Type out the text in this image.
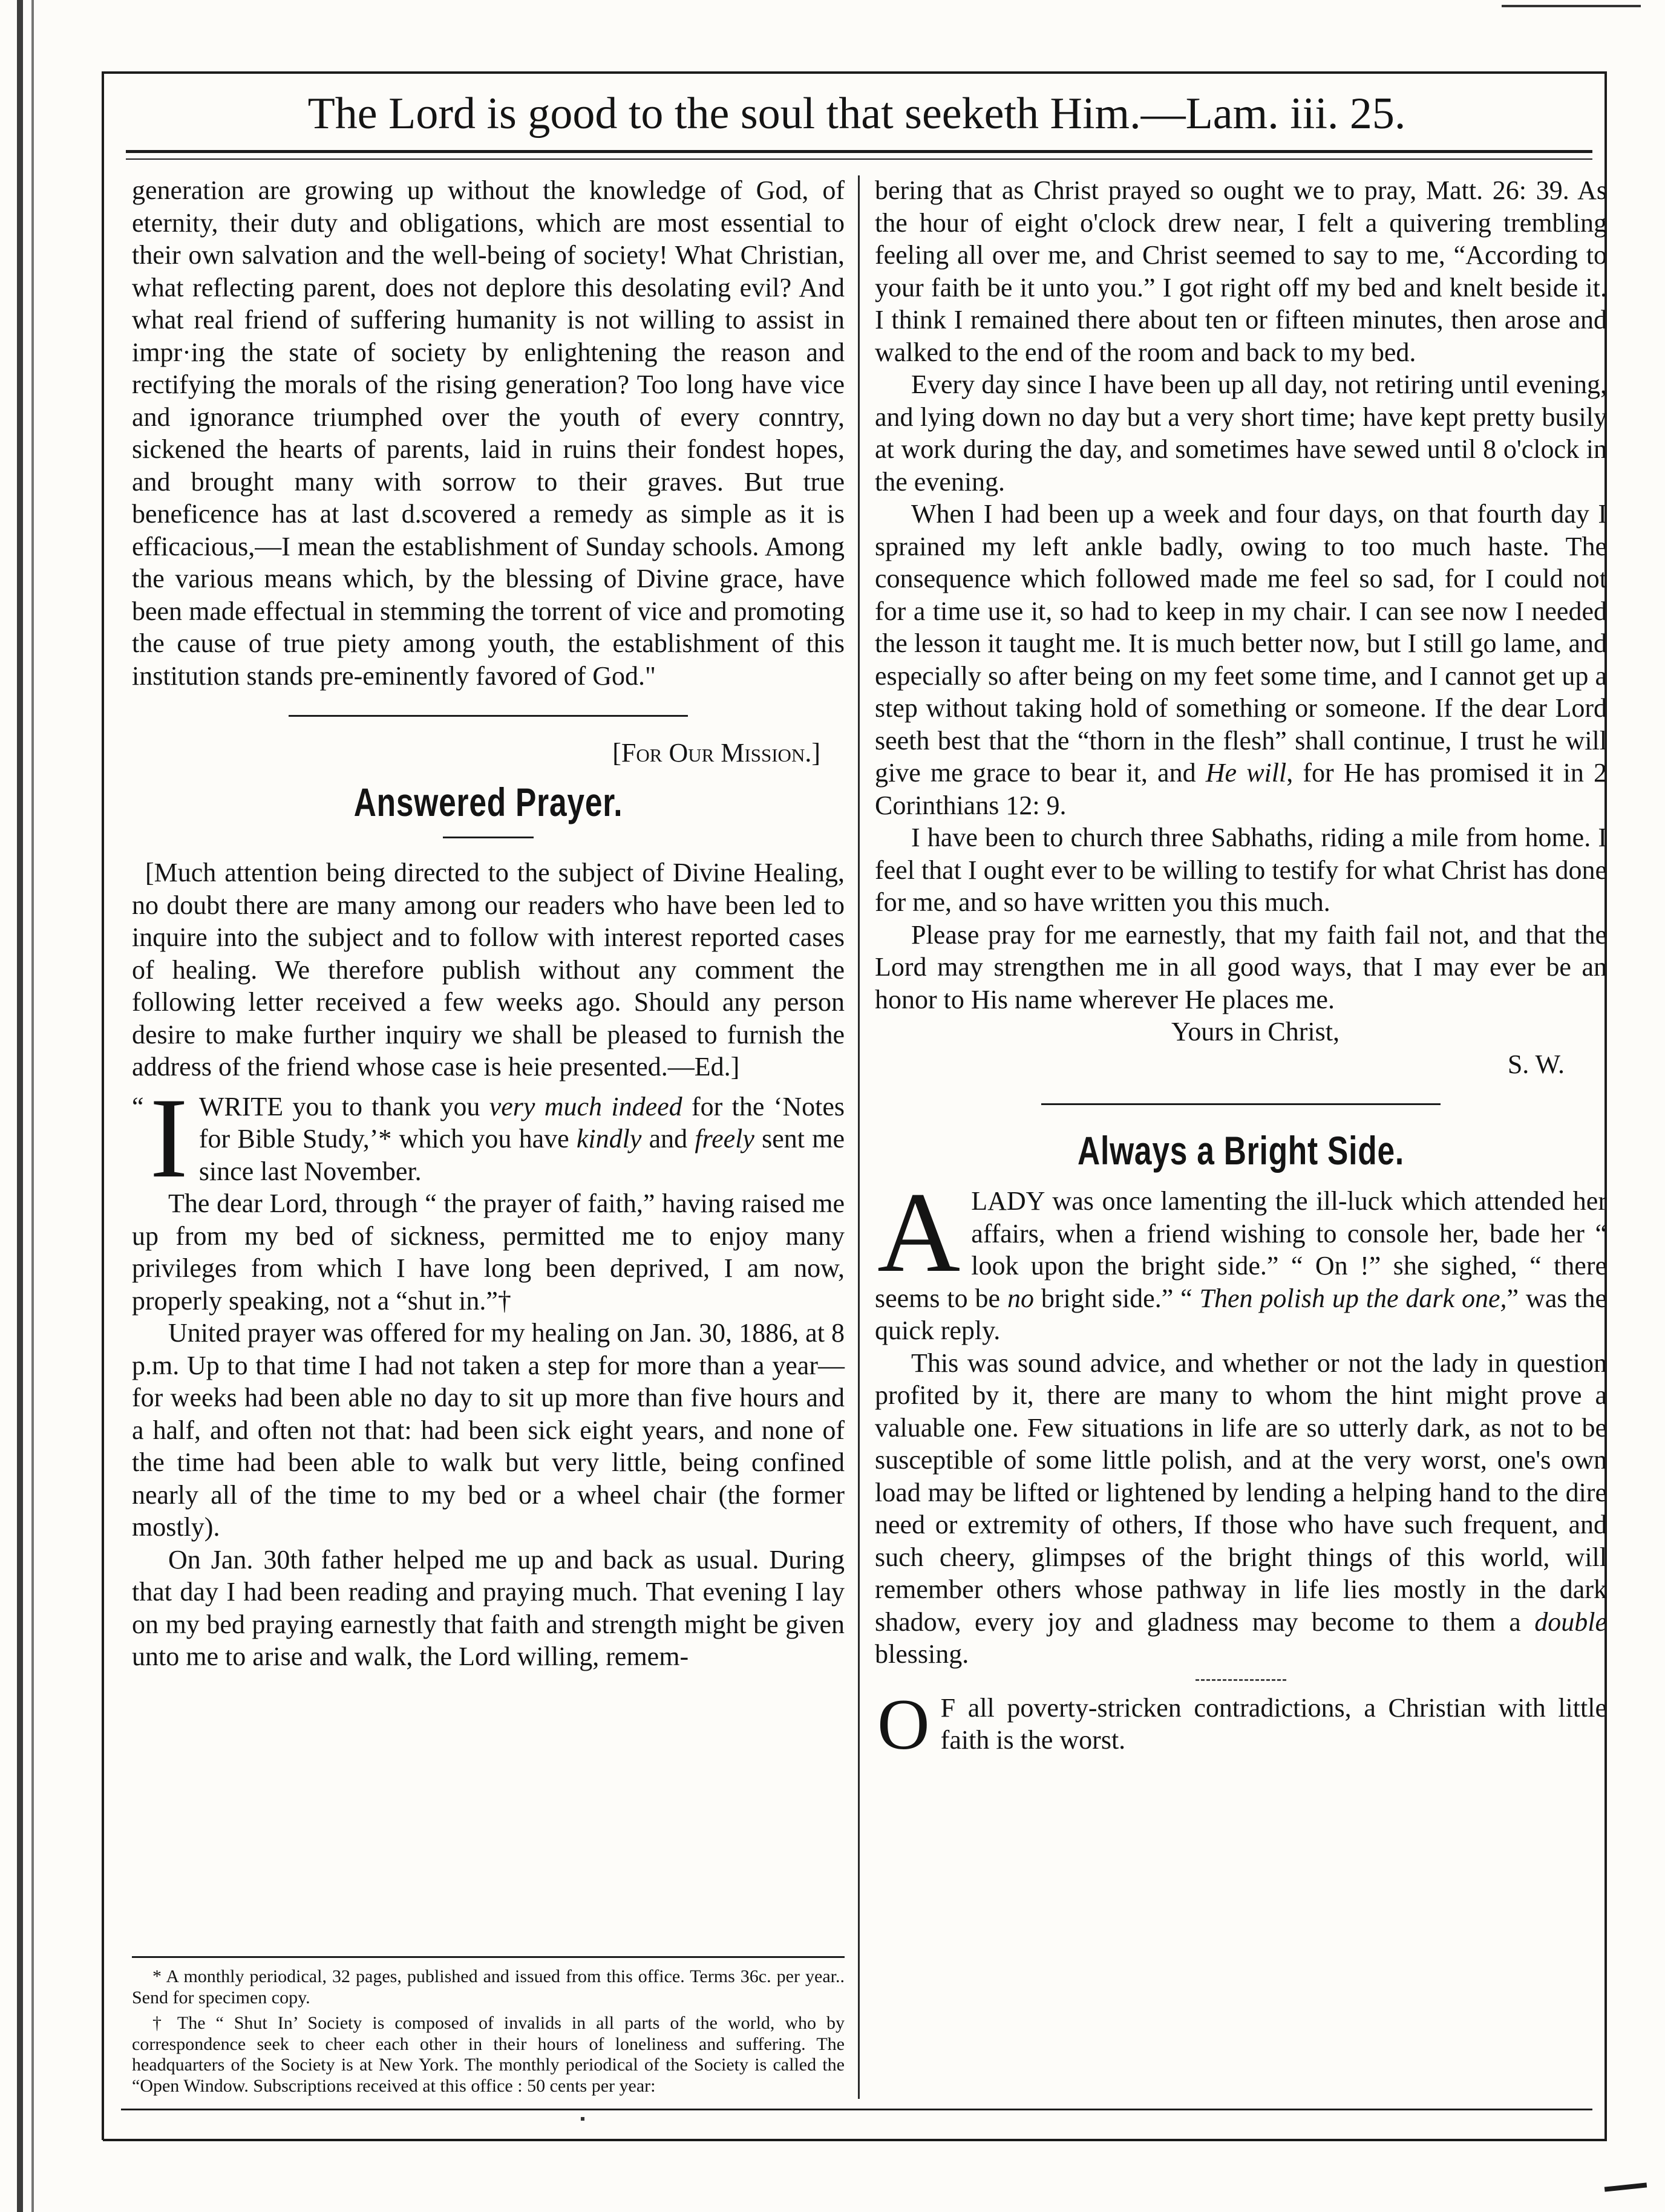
The Lord is good to the soul that seeketh Him.—Lam. iii. 25.

generation are growing up without the knowledge of God, of eternity, their duty and obligations, which are most essential to their own salvation and the well-being of society! What Christian, what reflecting parent, does not deplore this desolating evil? And what real friend of suffering humanity is not willing to assist in impr·ing the state of society by enlightening the reason and rectifying the morals of the rising generation? Too long have vice and ignorance triumphed over the youth of every conntry, sickened the hearts of parents, laid in ruins their fondest hopes, and brought many with sorrow to their graves. But true beneficence has at last d.scovered a remedy as simple as it is efficacious,—I mean the establishment of Sunday schools. Among the various means which, by the blessing of Divine grace, have been made effectual in stemming the torrent of vice and promoting the cause of true piety among youth, the establishment of this institution stands pre-eminently favored of God."

[For Our Mission.]
Answered Prayer.

[Much attention being directed to the subject of Divine Healing, no doubt there are many among our readers who have been led to inquire into the subject and to follow with interest reported cases of healing. We therefore publish without any comment the following letter received a few weeks ago. Should any person desire to make further inquiry we shall be pleased to furnish the address of the friend whose case is heie presented.—Ed.]

“ I WRITE you to thank you very much indeed for the ‘Notes for Bible Study,’* which you have kindly and freely sent me since last November.

The dear Lord, through “ the prayer of faith,” having raised me up from my bed of sickness, permitted me to enjoy many privileges from which I have long been deprived, I am now, properly speaking, not a “shut in.”†

United prayer was offered for my healing on Jan. 30, 1886, at 8 p.m. Up to that time I had not taken a step for more than a year—for weeks had been able no day to sit up more than five hours and a half, and often not that: had been sick eight years, and none of the time had been able to walk but very little, being confined nearly all of the time to my bed or a wheel chair (the former mostly).

On Jan. 30th father helped me up and back as usual. During that day I had been reading and praying much. That evening I lay on my bed praying earnestly that faith and strength might be given unto me to arise and walk, the Lord willing, remem-

* A monthly periodical, 32 pages, published and issued from this office. Terms 36c. per year.. Send for specimen copy.

† The “ Shut In’ Society is composed of invalids in all parts of the world, who by correspondence seek to cheer each other in their hours of loneliness and suffering. The headquarters of the Society is at New York. The monthly periodical of the Society is called the “Open Window. Subscriptions received at this office : 50 cents per year:

bering that as Christ prayed so ought we to pray, Matt. 26: 39. As the hour of eight o'clock drew near, I felt a quivering trembling feeling all over me, and Christ seemed to say to me, “According to your faith be it unto you.” I got right off my bed and knelt beside it. I think I remained there about ten or fifteen minutes, then arose and walked to the end of the room and back to my bed.

Every day since I have been up all day, not retiring until evening, and lying down no day but a very short time; have kept pretty busily at work during the day, and sometimes have sewed until 8 o'clock in the evening.

When I had been up a week and four days, on that fourth day I sprained my left ankle badly, owing to too much haste. The consequence which followed made me feel so sad, for I could not for a time use it, so had to keep in my chair. I can see now I needed the lesson it taught me. It is much better now, but I still go lame, and especially so after being on my feet some time, and I cannot get up a step without taking hold of something or someone. If the dear Lord seeth best that the “thorn in the flesh” shall continue, I trust he will give me grace to bear it, and He will, for He has promised it in 2 Corinthians 12: 9.

I have been to church three Sabhaths, riding a mile from home. I feel that I ought ever to be willing to testify for what Christ has done for me, and so have written you this much.

Please pray for me earnestly, that my faith fail not, and that the Lord may strengthen me in all good ways, that I may ever be an honor to His name wherever He places me.

Yours in Christ,

S. W.

Always a Bright Side.

ALADY was once lamenting the ill-luck which attended her affairs, when a friend wishing to console her, bade her “ look upon the bright side.” “ On !” she sighed, “ there seems to be no bright side.” “ Then polish up the dark one,” was the quick reply.

This was sound advice, and whether or not the lady in question profited by it, there are many to whom the hint might prove a valuable one. Few situations in life are so utterly dark, as not to be susceptible of some little polish, and at the very worst, one's own load may be lifted or lightened by lending a helping hand to the dire need or extremity of others, If those who have such frequent, and such cheery, glimpses of the bright things of this world, will remember others whose pathway in life lies mostly in the dark shadow, every joy and gladness may become to them a double blessing.

O F all poverty-stricken contradictions, a Christian with little faith is the worst.
